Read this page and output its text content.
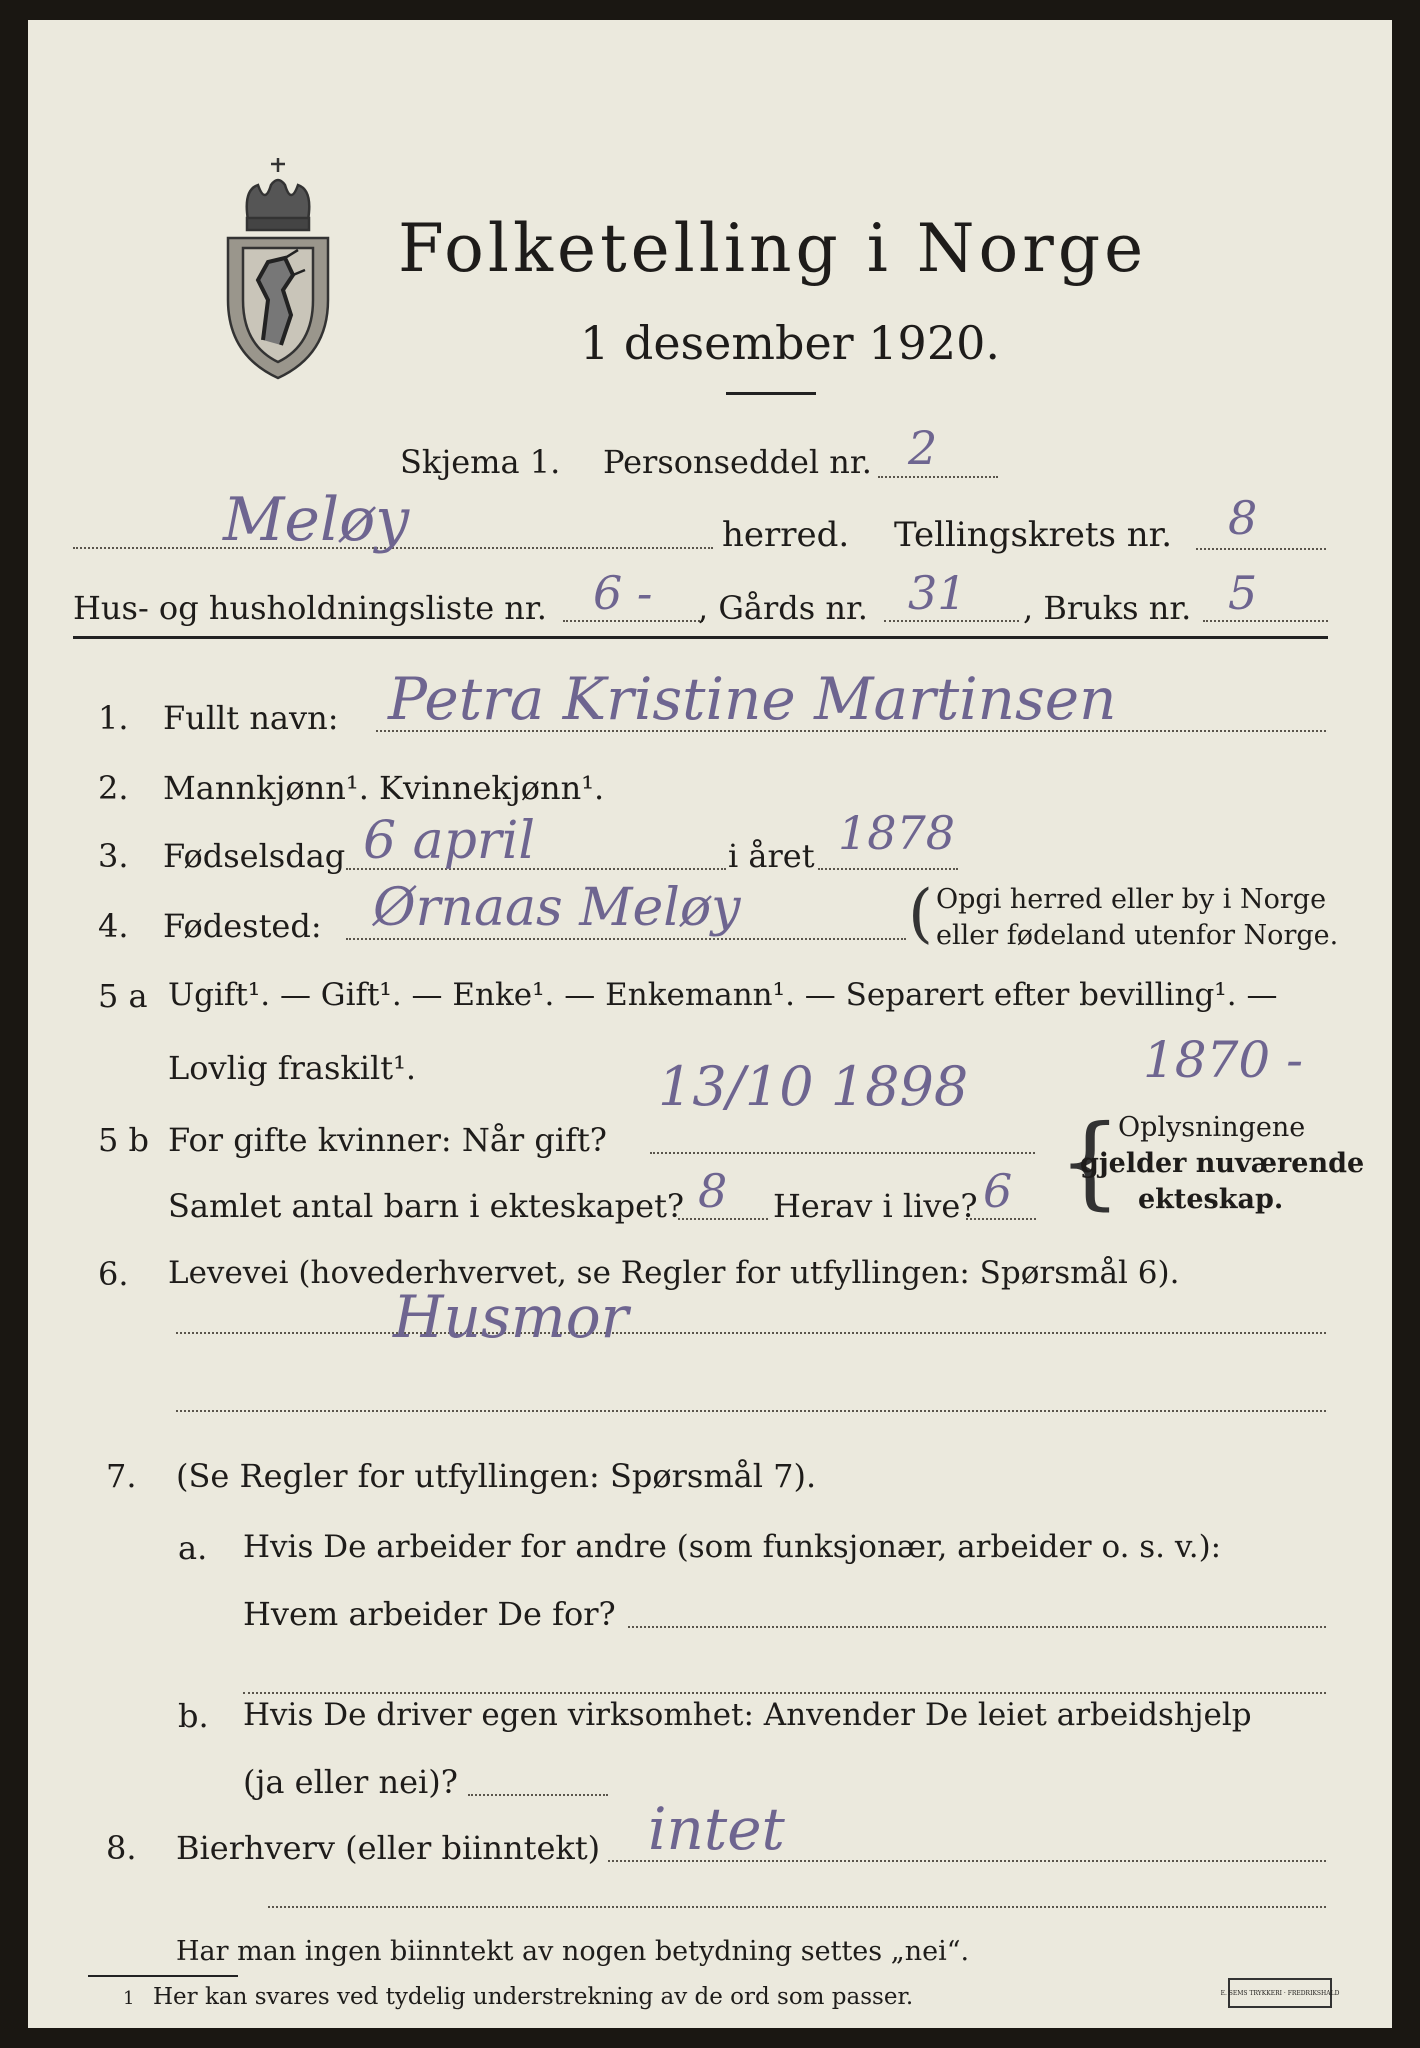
Folketelling i Norge
1 desember 1920.
Skjema 1. Personseddel nr. 2
Meløy	herred. Tellingskrets nr. 8
Hus- og husholdningsliste nr. 6 - , Gårds nr. 31 , Bruks nr. 5
1. Fullt navn: Petra Kristine Martinsen
2. Mannkjønn¹. Kvinnekjønn¹.
3. Fødselsdag 6 april	i året 1878
4. Fødested: Ørnaas Meløy	Opgi herred eller by i Norge
eller fødeland utenfor Norge.
(
5 a Ugift¹. — Gift¹. — Enke¹. — Enkemann¹. — Separert efter bevilling¹. —
Lovlig fraskilt¹.	1870 -
5 b For gifte kvinner: Når gift?
13/10 1898
Samlet antal barn i ekteskapet? 8 Herav i live? 6 {
Oplysningene
gjelder nuværende
ekteskap.
6. Levevei (hovederhvervet, se Regler for utfyllingen: Spørsmål 6).
Husmor
7. (Se Regler for utfyllingen: Spørsmål 7).
a. Hvis De arbeider for andre (som funksjonær, arbeider o. s. v.):
Hvem arbeider De for?
b. Hvis De driver egen virksomhet: Anvender De leiet arbeidshjelp
(ja eller nei)?
8. Bierhverv (eller biinntekt) intet
Har man ingen biinntekt av nogen betydning settes „nei“.
1 Her kan svares ved tydelig understrekning av de ord som passer.	E. SEMS TRYKKERI · FREDRIKSHALD
